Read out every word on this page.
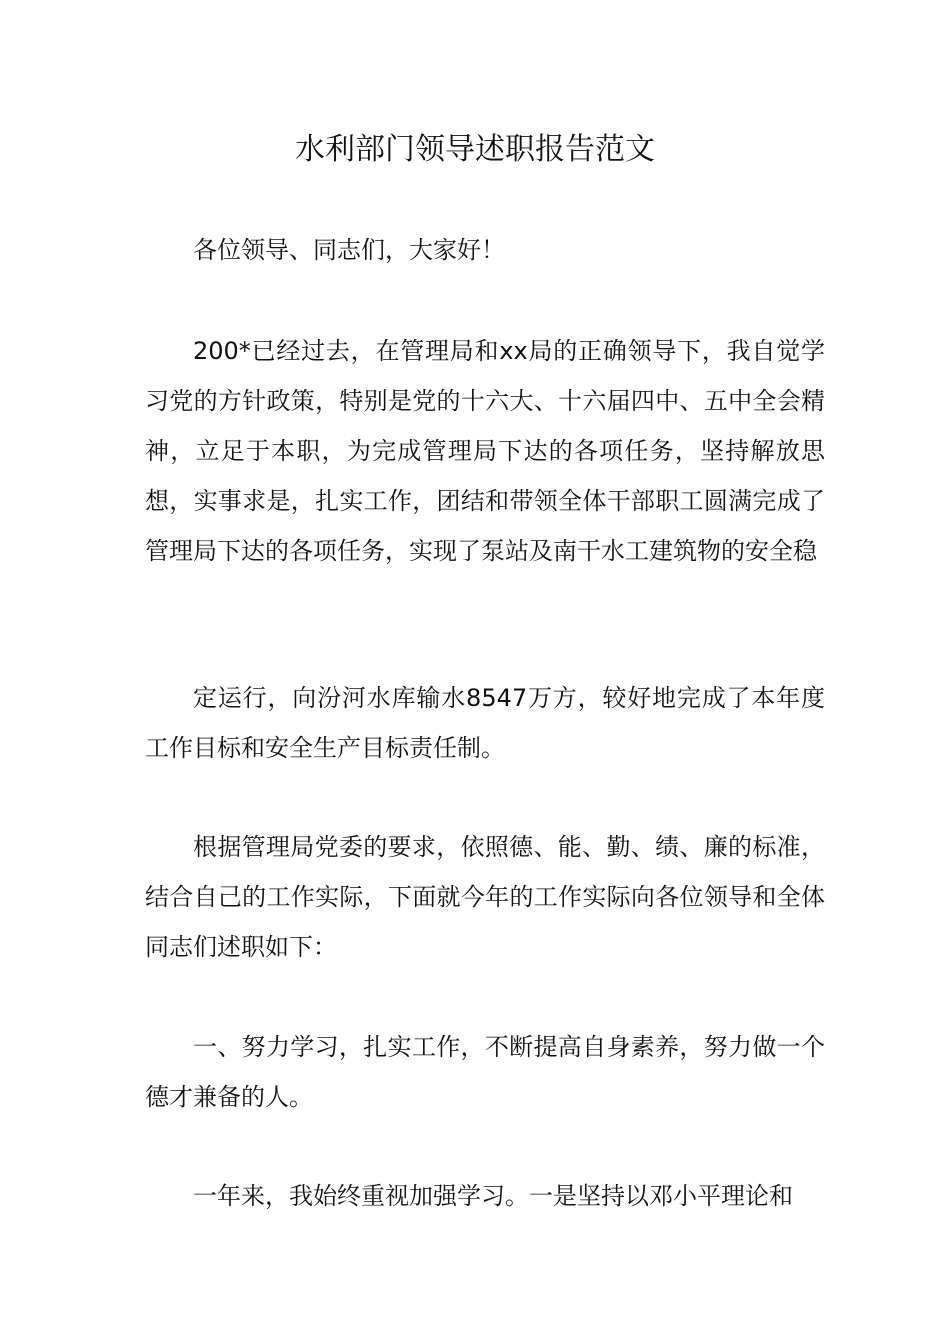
水利部门领导述职报告范文
各位领导、同志们，大家好！
200*已经过去，在管理局和xx局的正确领导下，我自觉学习党的方针政策，特别是党的十六大、十六届四中、五中全会精神，立足于本职，为完成管理局下达的各项任务，坚持解放思想，实事求是，扎实工作，团结和带领全体干部职工圆满完成了管理局下达的各项任务，实现了泵站及南干水工建筑物的安全稳
定运行，向汾河水库输水8547万方，较好地完成了本年度工作目标和安全生产目标责任制。
根据管理局党委的要求，依照德、能、勤、绩、廉的标准，结合自己的工作实际，下面就今年的工作实际向各位领导和全体同志们述职如下：
一、努力学习，扎实工作，不断提高自身素养，努力做一个德才兼备的人。
一年来，我始终重视加强学习。一是坚持以邓小平理论和
